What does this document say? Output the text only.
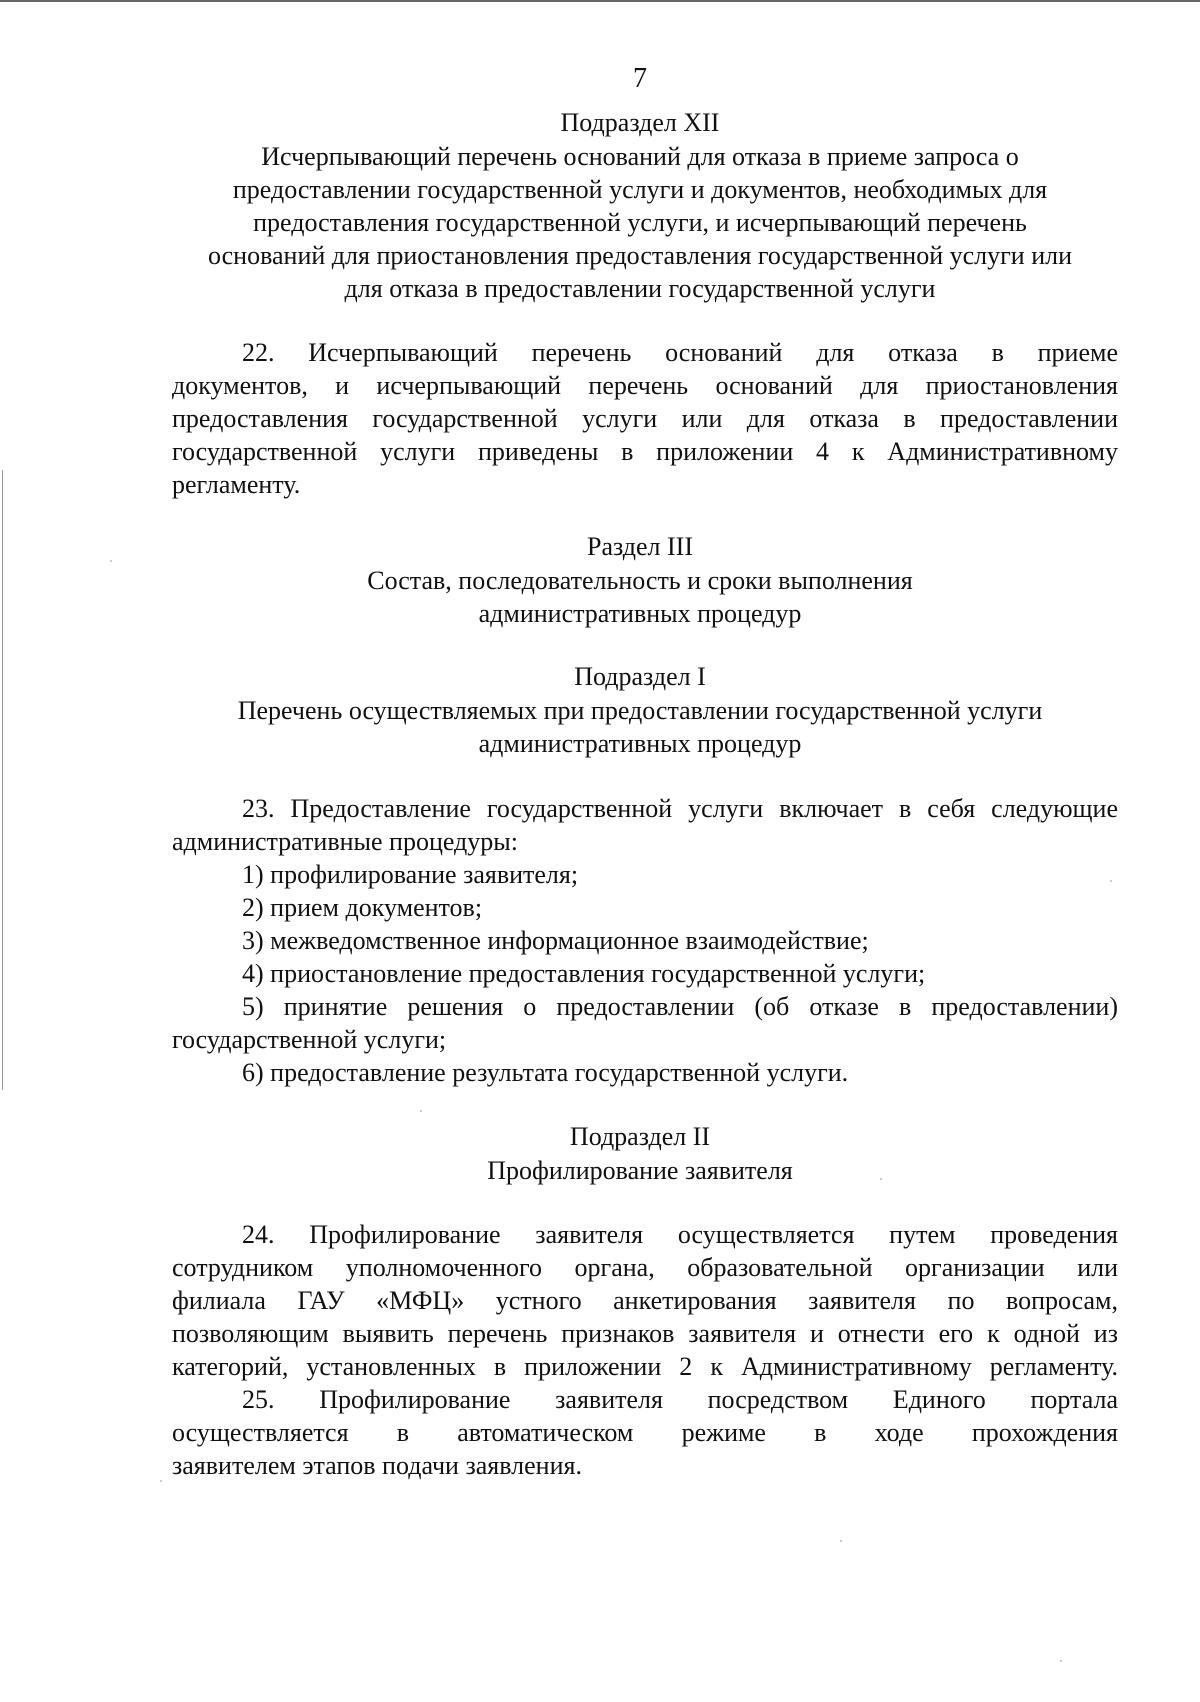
7
Подраздел XII
Исчерпывающий перечень оснований для отказа в приеме запроса о
предоставлении государственной услуги и документов, необходимых для
предоставления государственной услуги, и исчерпывающий перечень
оснований для приостановления предоставления государственной услуги или
для отказа в предоставлении государственной услуги
22. Исчерпывающий перечень оснований для отказа в приеме
документов, и исчерпывающий перечень оснований для приостановления
предоставления государственной услуги или для отказа в предоставлении
государственной услуги приведены в приложении 4 к Административному
регламенту.
Раздел III
Состав, последовательность и сроки выполнения
административных процедур
Подраздел I
Перечень осуществляемых при предоставлении государственной услуги
административных процедур
23. Предоставление государственной услуги включает в себя следующие
административные процедуры:
1) профилирование заявителя;
2) прием документов;
3) межведомственное информационное взаимодействие;
4) приостановление предоставления государственной услуги;
5) принятие решения о предоставлении (об отказе в предоставлении)
государственной услуги;
6) предоставление результата государственной услуги.
Подраздел II
Профилирование заявителя
24. Профилирование заявителя осуществляется путем проведения
сотрудником уполномоченного органа, образовательной организации или
филиала ГАУ «МФЦ» устного анкетирования заявителя по вопросам,
позволяющим выявить перечень признаков заявителя и отнести его к одной из
категорий, установленных в приложении 2 к Административному регламенту.
25. Профилирование заявителя посредством Единого портала
осуществляется в автоматическом режиме в ходе прохождения
заявителем этапов подачи заявления.
